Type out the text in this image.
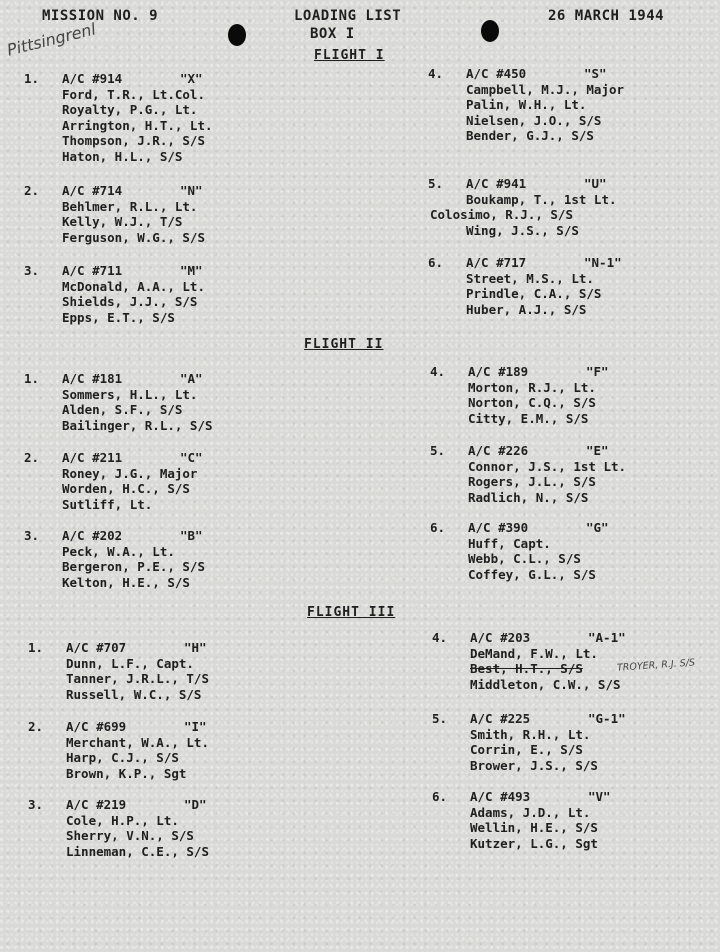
MISSION NO. 9	LOADING LIST
BOX I
26 MARCH 1944
Pittsingrenl	FLIGHT I
FLIGHT II
FLIGHT III
1. A/C #914	"X"
Ford, T.R., Lt.Col.
Royalty, P.G., Lt.
Arrington, H.T., Lt.
Thompson, J.R., S/S
Haton, H.L., S/S
2. A/C #714	"N"
Behlmer, R.L., Lt.
Kelly, W.J., T/S
Ferguson, W.G., S/S
3. A/C #711	"M"
McDonald, A.A., Lt.
Shields, J.J., S/S
Epps, E.T., S/S
4. A/C #450	"S"
Campbell, M.J., Major
Palin, W.H., Lt.
Nielsen, J.O., S/S
Bender, G.J., S/S
5. A/C #941	"U"
Boukamp, T., 1st Lt.
Colosimo, R.J., S/S
Wing, J.S., S/S
6. A/C #717	"N-1"
Street, M.S., Lt.
Prindle, C.A., S/S
Huber, A.J., S/S
1. A/C #181	"A"
Sommers, H.L., Lt.
Alden, S.F., S/S
Bailinger, R.L., S/S
2. A/C #211	"C"
Roney, J.G., Major
Worden, H.C., S/S
Sutliff, Lt.
3. A/C #202	"B"
Peck, W.A., Lt.
Bergeron, P.E., S/S
Kelton, H.E., S/S
4. A/C #189	"F"
Morton, R.J., Lt.
Norton, C.Q., S/S
Citty, E.M., S/S
5. A/C #226	"E"
Connor, J.S., 1st Lt.
Rogers, J.L., S/S
Radlich, N., S/S
6. A/C #390	"G"
Huff, Capt.
Webb, C.L., S/S
Coffey, G.L., S/S
1. A/C #707	"H"
Dunn, L.F., Capt.
Tanner, J.R.L., T/S
Russell, W.C., S/S
2. A/C #699	"I"
Merchant, W.A., Lt.
Harp, C.J., S/S
Brown, K.P., Sgt
3. A/C #219	"D"
Cole, H.P., Lt.
Sherry, V.N., S/S
Linneman, C.E., S/S
4. A/C #203	"A-1"
DeMand, F.W., Lt.
Best, H.T., S/S
Middleton, C.W., S/S
TROYER, R.J. S/S
5. A/C #225	"G-1"
Smith, R.H., Lt.
Corrin, E., S/S
Brower, J.S., S/S
6. A/C #493	"V"
Adams, J.D., Lt.
Wellin, H.E., S/S
Kutzer, L.G., Sgt
